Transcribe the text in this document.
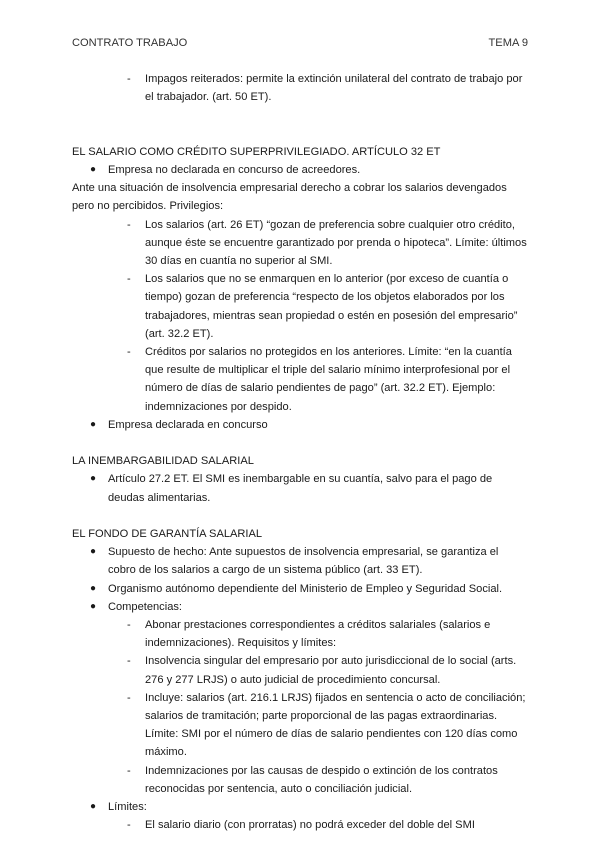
CONTRATO TRABAJO	TEMA 9
- Impagos reiterados: permite la extinción unilateral del contrato de trabajo por
el trabajador. (art. 50 ET).
EL SALARIO COMO CRÉDITO SUPERPRIVILEGIADO. ARTÍCULO 32 ET
● Empresa no declarada en concurso de acreedores.
Ante una situación de insolvencia empresarial derecho a cobrar los salarios devengados
pero no percibidos. Privilegios:
- Los salarios (art. 26 ET) “gozan de preferencia sobre cualquier otro crédito,
aunque éste se encuentre garantizado por prenda o hipoteca”. Límite: últimos
30 días en cuantía no superior al SMI.
- Los salarios que no se enmarquen en lo anterior (por exceso de cuantía o
tiempo) gozan de preferencia “respecto de los objetos elaborados por los
trabajadores, mientras sean propiedad o estén en posesión del empresario”
(art. 32.2 ET).
- Créditos por salarios no protegidos en los anteriores. Límite: “en la cuantía
que resulte de multiplicar el triple del salario mínimo interprofesional por el
número de días de salario pendientes de pago” (art. 32.2 ET). Ejemplo:
indemnizaciones por despido.
● Empresa declarada en concurso
LA INEMBARGABILIDAD SALARIAL
● Artículo 27.2 ET. El SMI es inembargable en su cuantía, salvo para el pago de
deudas alimentarias.
EL FONDO DE GARANTÍA SALARIAL
● Supuesto de hecho: Ante supuestos de insolvencia empresarial, se garantiza el
cobro de los salarios a cargo de un sistema público (art. 33 ET).
● Organismo autónomo dependiente del Ministerio de Empleo y Seguridad Social.
● Competencias:
- Abonar prestaciones correspondientes a créditos salariales (salarios e
indemnizaciones). Requisitos y límites:
- Insolvencia singular del empresario por auto jurisdiccional de lo social (arts.
276 y 277 LRJS) o auto judicial de procedimiento concursal.
- Incluye: salarios (art. 216.1 LRJS) fijados en sentencia o acto de conciliación;
salarios de tramitación; parte proporcional de las pagas extraordinarias.
Límite: SMI por el número de días de salario pendientes con 120 días como
máximo.
- Indemnizaciones por las causas de despido o extinción de los contratos
reconocidas por sentencia, auto o conciliación judicial.
● Límites:
- El salario diario (con prorratas) no podrá exceder del doble del SMI
